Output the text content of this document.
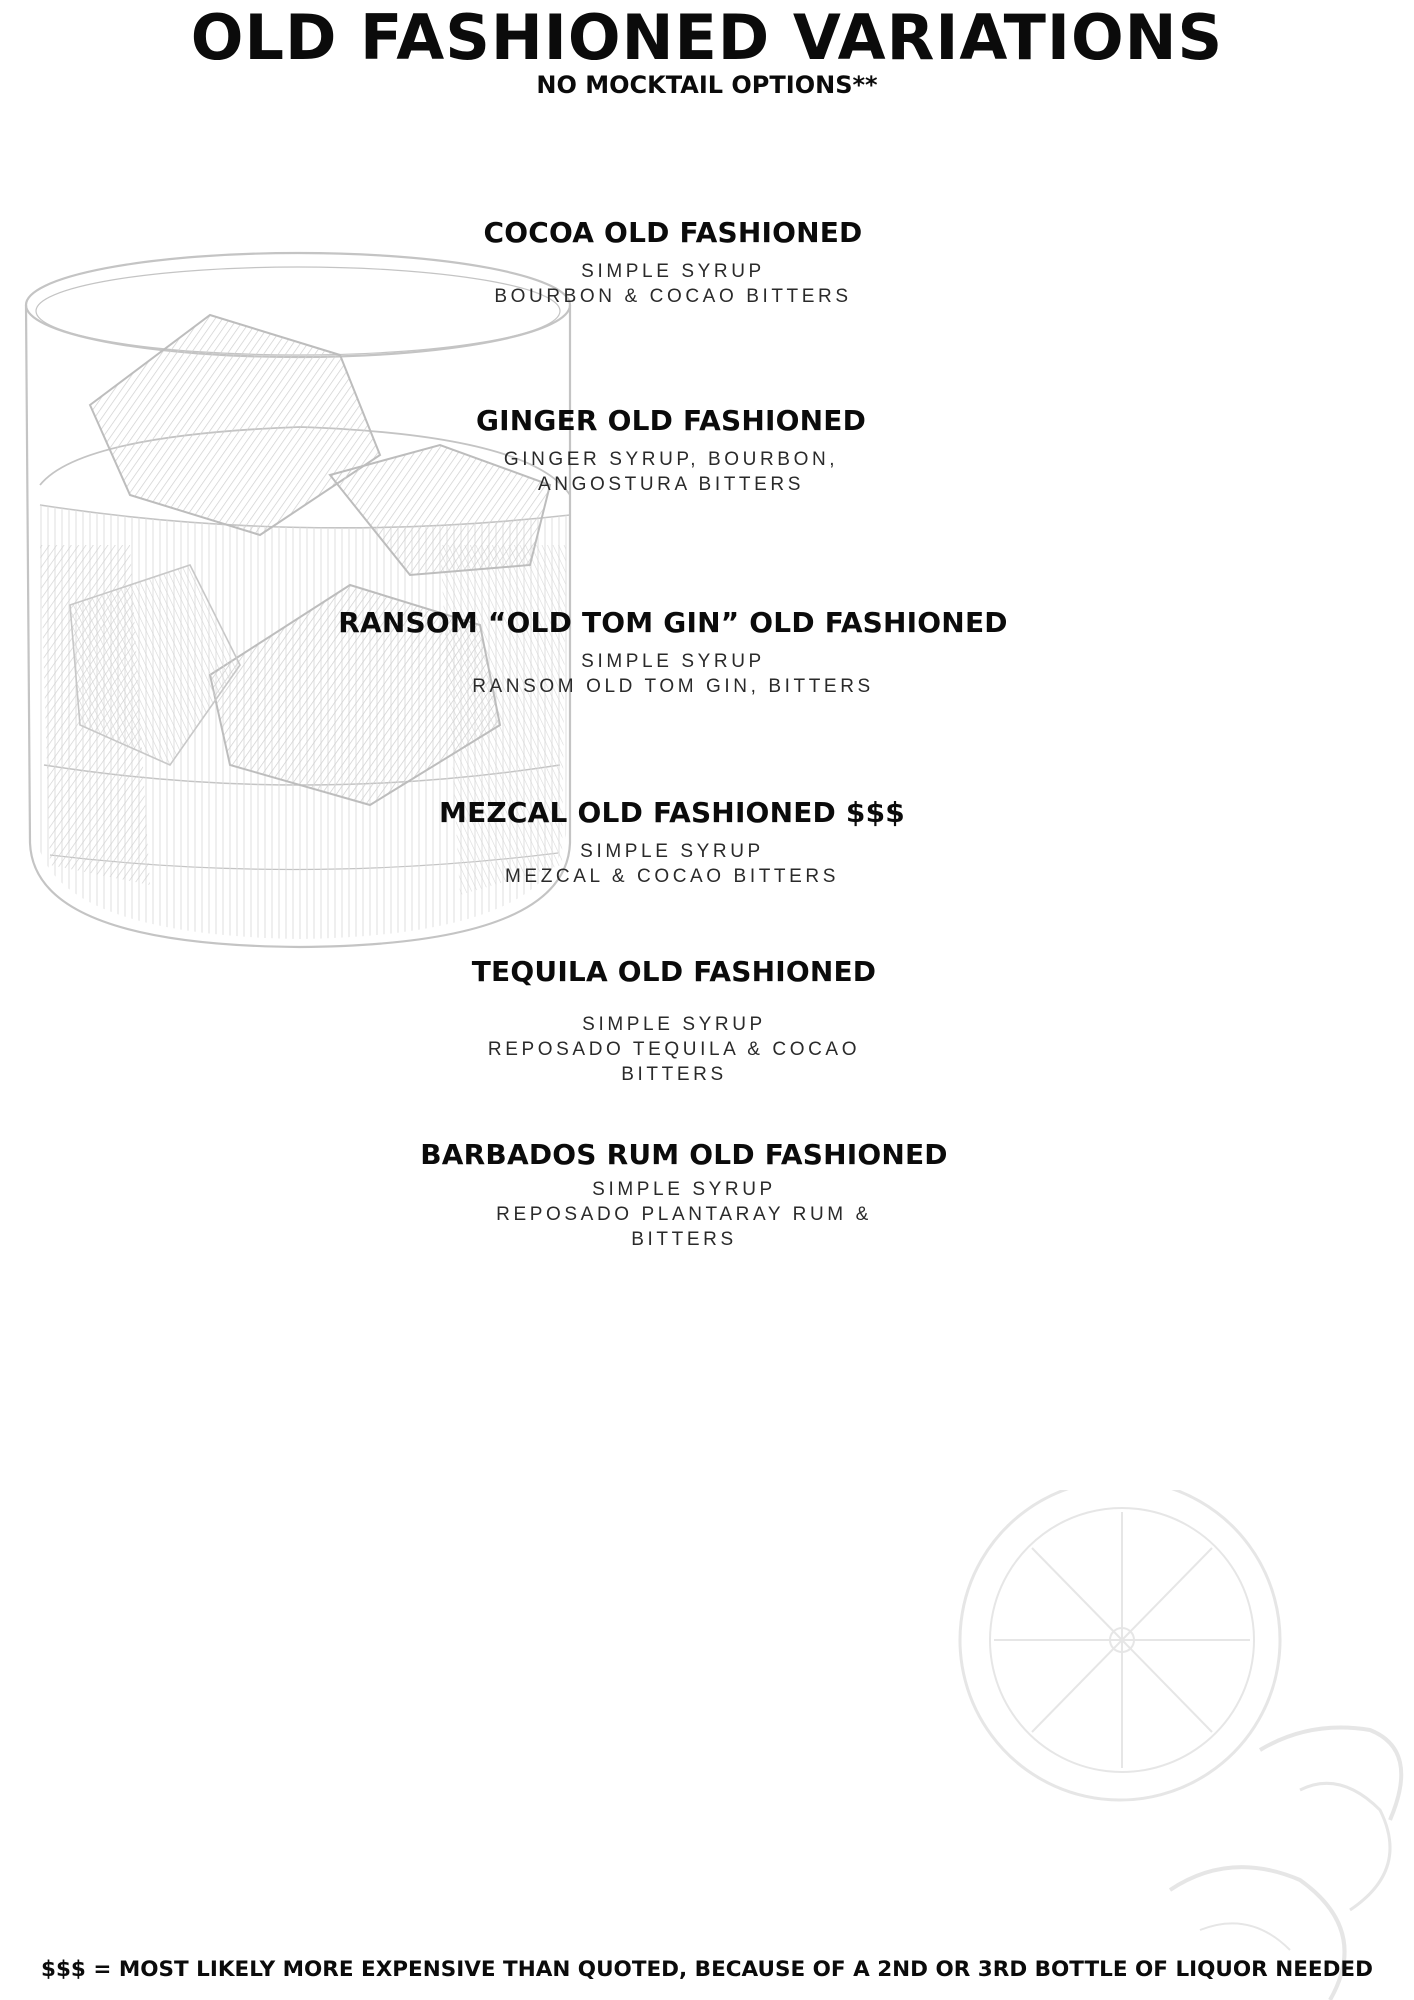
OLD FASHIONED VARIATIONS
NO MOCKTAIL OPTIONS**
COCOA OLD FASHIONED
SIMPLE SYRUP
BOURBON & COCAO BITTERS
GINGER OLD FASHIONED
GINGER SYRUP, BOURBON,
ANGOSTURA BITTERS
RANSOM “OLD TOM GIN” OLD FASHIONED
SIMPLE SYRUP
RANSOM OLD TOM GIN, BITTERS
MEZCAL OLD FASHIONED $$$
SIMPLE SYRUP
MEZCAL & COCAO BITTERS
TEQUILA OLD FASHIONED
SIMPLE SYRUP
REPOSADO TEQUILA & COCAO
BITTERS
BARBADOS RUM OLD FASHIONED
SIMPLE SYRUP
REPOSADO PLANTARAY RUM &
BITTERS
$$$ = MOST LIKELY MORE EXPENSIVE THAN QUOTED, BECAUSE OF A 2ND OR 3RD BOTTLE OF LIQUOR NEEDED
